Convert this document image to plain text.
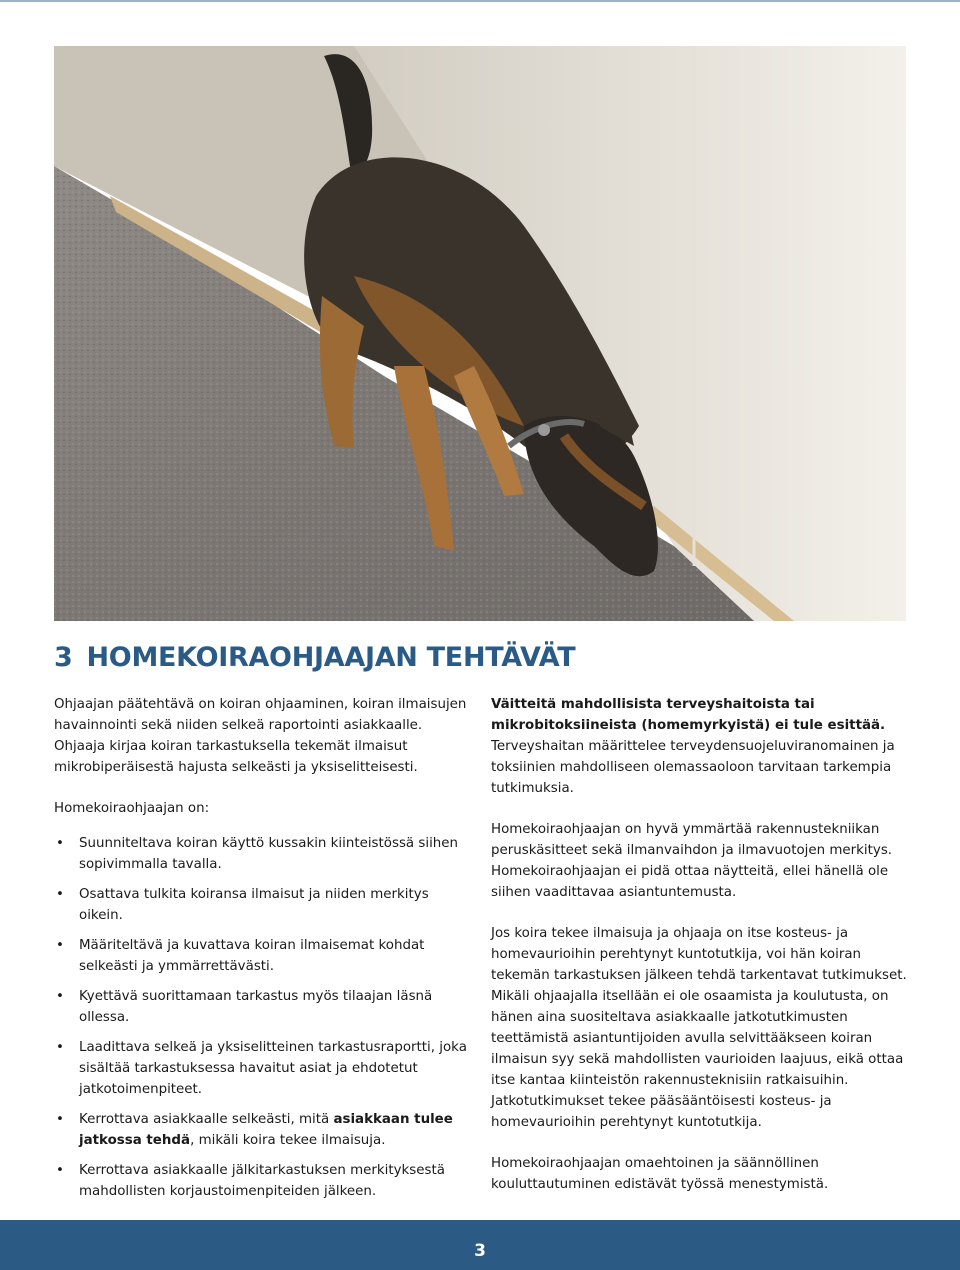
3 HOMEKOIRAOHJAAJAN TEHTÄVÄT

Ohjaajan päätehtävä on koiran ohjaaminen, koiran ilmaisujen havainnointi sekä niiden selkeä raportointi asiakkaalle. Ohjaaja kirjaa koiran tarkastuksella tekemät ilmaisut mikrobiperäisestä hajusta selkeästi ja yksiselitteisesti.

Homekoiraohjaajan on:

• Suunniteltava koiran käyttö kussakin kiinteistössä siihen sopivimmalla tavalla.
• Osattava tulkita koiransa ilmaisut ja niiden merkitys oikein.
• Määriteltävä ja kuvattava koiran ilmaisemat kohdat selkeästi ja ymmärrettävästi.
• Kyettävä suorittamaan tarkastus myös tilaajan läsnä ollessa.
• Laadittava selkeä ja yksiselitteinen tarkastusraportti, joka sisältää tarkastuksessa havaitut asiat ja ehdotetut jatkotoimenpiteet.
• Kerrottava asiakkaalle selkeästi, mitä asiakkaan tulee jatkossa tehdä, mikäli koira tekee ilmaisuja.
• Kerrottava asiakkaalle jälkitarkastuksen merkityksestä mahdollisten korjaustoimenpiteiden jälkeen.

Väitteitä mahdollisista terveyshaitoista tai mikrobitoksiineista (homemyrkyistä) ei tule esittää. Terveyshaitan määrittelee terveydensuojeluviranomainen ja toksiinien mahdolliseen olemassaoloon tarvitaan tarkempia tutkimuksia.

Homekoiraohjaajan on hyvä ymmärtää rakennustekniikan peruskäsitteet sekä ilmanvaihdon ja ilmavuotojen merkitys. Homekoiraohjaajan ei pidä ottaa näytteitä, ellei hänellä ole siihen vaadittavaa asiantuntemusta.

Jos koira tekee ilmaisuja ja ohjaaja on itse kosteus- ja homevaurioihin perehtynyt kuntotutkija, voi hän koiran tekemän tarkastuksen jälkeen tehdä tarkentavat tutkimukset. Mikäli ohjaajalla itsellään ei ole osaamista ja koulutusta, on hänen aina suositeltava asiakkaalle jatkotutkimusten teettämistä asiantuntijoiden avulla selvittääkseen koiran ilmaisun syy sekä mahdollisten vaurioiden laajuus, eikä ottaa itse kantaa kiinteistön rakennusteknisiin ratkaisuihin. Jatkotutkimukset tekee pääsääntöisesti kosteus- ja homevaurioihin perehtynyt kuntotutkija.

Homekoiraohjaajan omaehtoinen ja säännöllinen kouluttautuminen edistävät työssä menestymistä.

3
